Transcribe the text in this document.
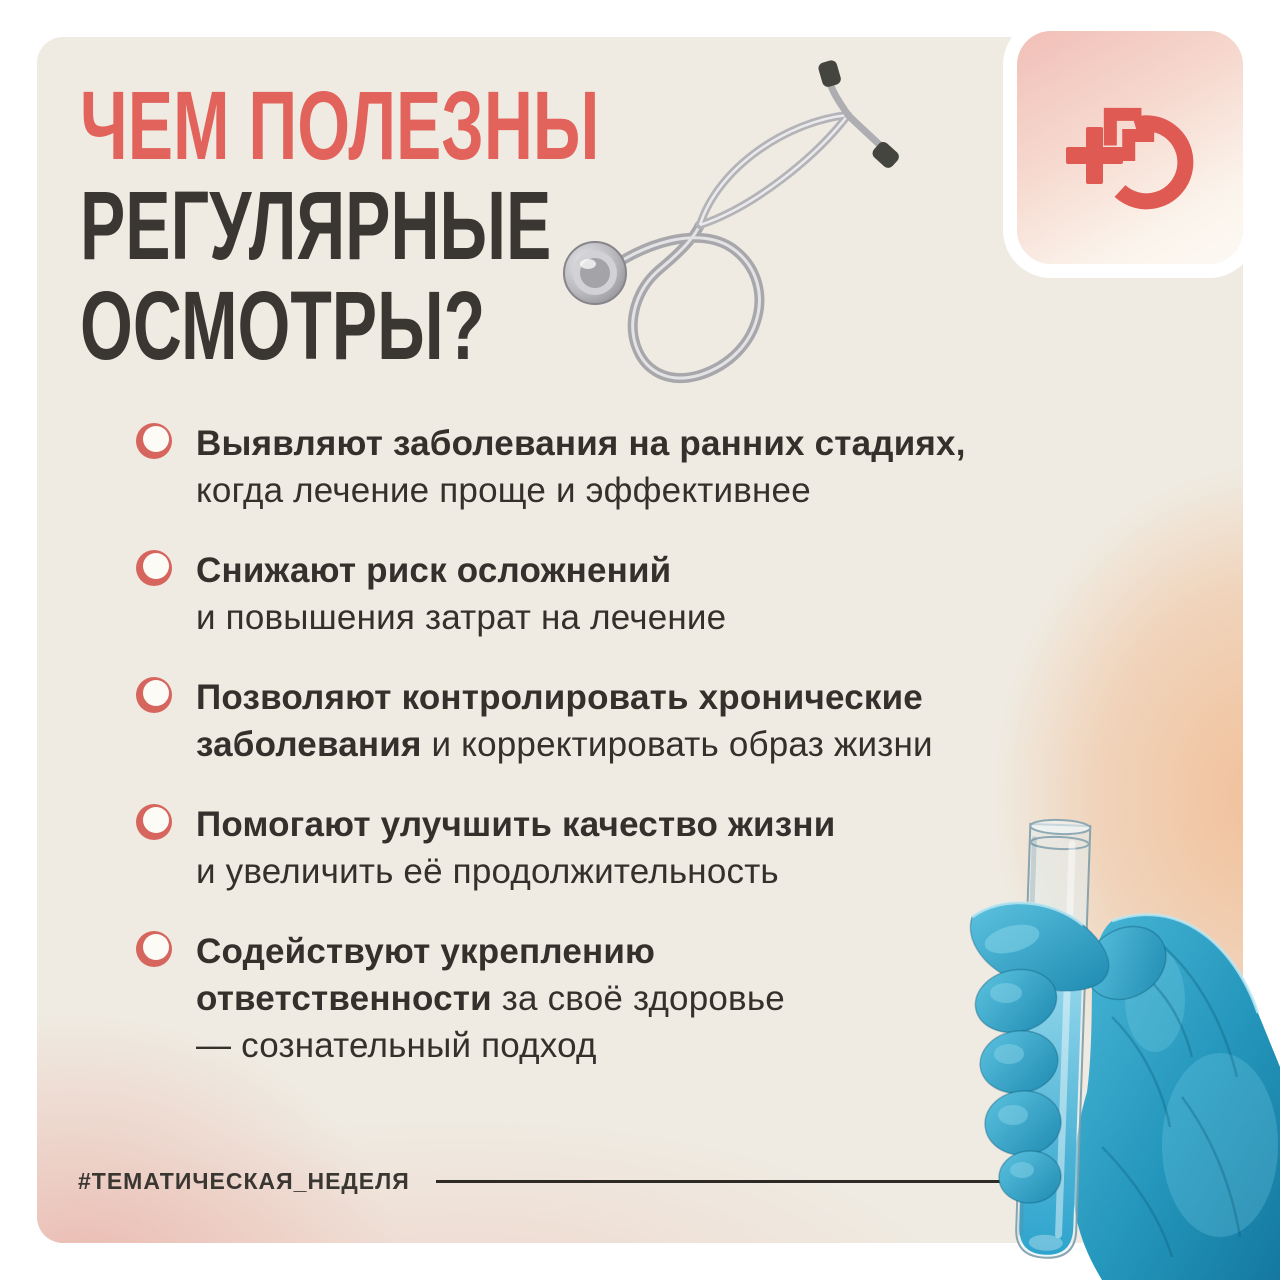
ЧЕМ ПОЛЕЗНЫ
РЕГУЛЯРНЫЕ
ОСМОТРЫ?
Выявляют заболевания на ранних стадиях,
когда лечение проще и эффективнее
Снижают риск осложнений
и повышения затрат на лечение
Позволяют контролировать хронические
заболевания и корректировать образ жизни
Помогают улучшить качество жизни
и увеличить её продолжительность
Содействуют укреплению
ответственности за своё здоровье
— сознательный подход
#ТЕМАТИЧЕСКАЯ_НЕДЕЛЯ
